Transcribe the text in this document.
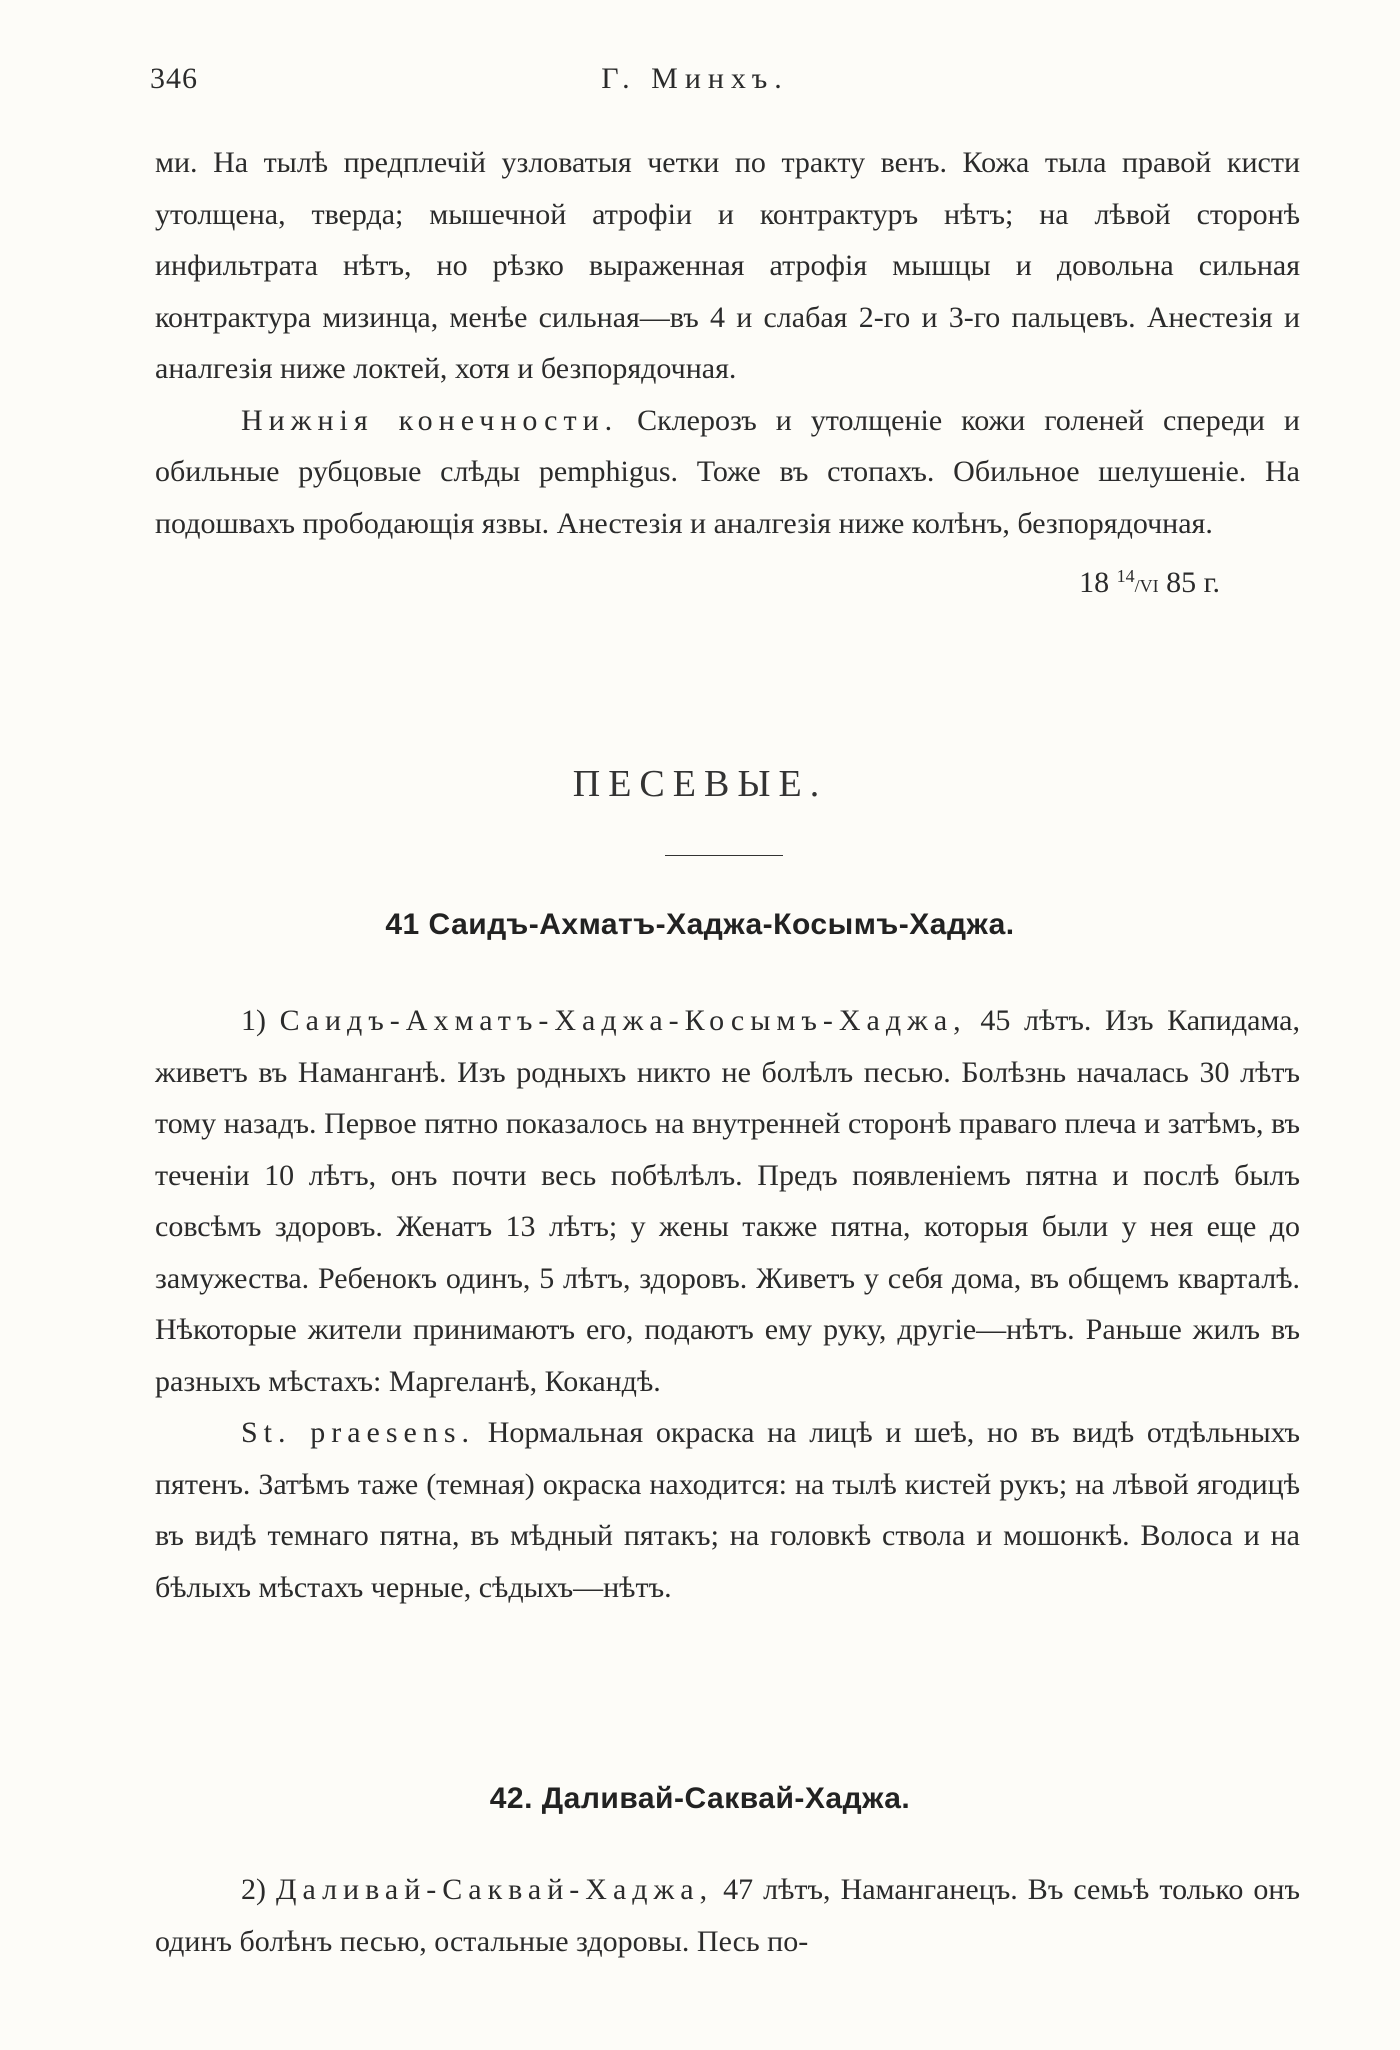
346	Г. Минхъ.

ми. На тылѣ предплечій узловатыя четки по тракту венъ. Кожа тыла правой кисти утолщена, тверда; мышечной атрофіи и контрактуръ нѣтъ; на лѣвой сторонѣ инфильтрата нѣтъ, но рѣзко выраженная атрофія мышцы и довольна сильная контрактура мизинца, менѣе сильная—въ 4 и слабая 2-го и 3-го пальцевъ. Анестезія и аналгезія ниже локтей, хотя и безпорядочная.

Нижнія конечности. Склерозъ и утолщеніе кожи голеней спереди и обильные рубцовые слѣды pemphigus. Тоже въ стопахъ. Обильное шелушеніе. На подошвахъ прободающія язвы. Анестезія и аналгезія ниже колѣнъ, безпорядочная.

18 $^{14}$/VI 85 г.

ПЕСЕВЫЕ.
41 Саидъ-Ахматъ-Хаджа-Косымъ-Хаджа.

1) Саидъ-Ахматъ-Хаджа-Косымъ-Хаджа, 45 лѣтъ. Изъ Капидама, живетъ въ Наманганѣ. Изъ родныхъ никто не болѣлъ песью. Болѣзнь началась 30 лѣтъ тому назадъ. Первое пятно показалось на внутренней сторонѣ праваго плеча и затѣмъ, въ теченіи 10 лѣтъ, онъ почти весь побѣлѣлъ. Предъ появленіемъ пятна и послѣ былъ совсѣмъ здоровъ. Женатъ 13 лѣтъ; у жены также пятна, которыя были у нея еще до замужества. Ребенокъ одинъ, 5 лѣтъ, здоровъ. Живетъ у себя дома, въ общемъ кварталѣ. Нѣкоторые жители принимаютъ его, подаютъ ему руку, другіе—нѣтъ. Раньше жилъ въ разныхъ мѣстахъ: Маргеланѣ, Кокандѣ.

St. praesens. Нормальная окраска на лицѣ и шеѣ, но въ видѣ отдѣльныхъ пятенъ. Затѣмъ таже (темная) окраска находится: на тылѣ кистей рукъ; на лѣвой ягодицѣ въ видѣ темнаго пятна, въ мѣдный пятакъ; на головкѣ ствола и мошонкѣ. Волоса и на бѣлыхъ мѣстахъ черные, сѣдыхъ—нѣтъ.

42. Даливай-Саквай-Хаджа.

2) Даливай-Саквай-Хаджа, 47 лѣтъ, Наманганецъ. Въ семьѣ только онъ одинъ болѣнъ песью, остальные здоровы. Песь по-
